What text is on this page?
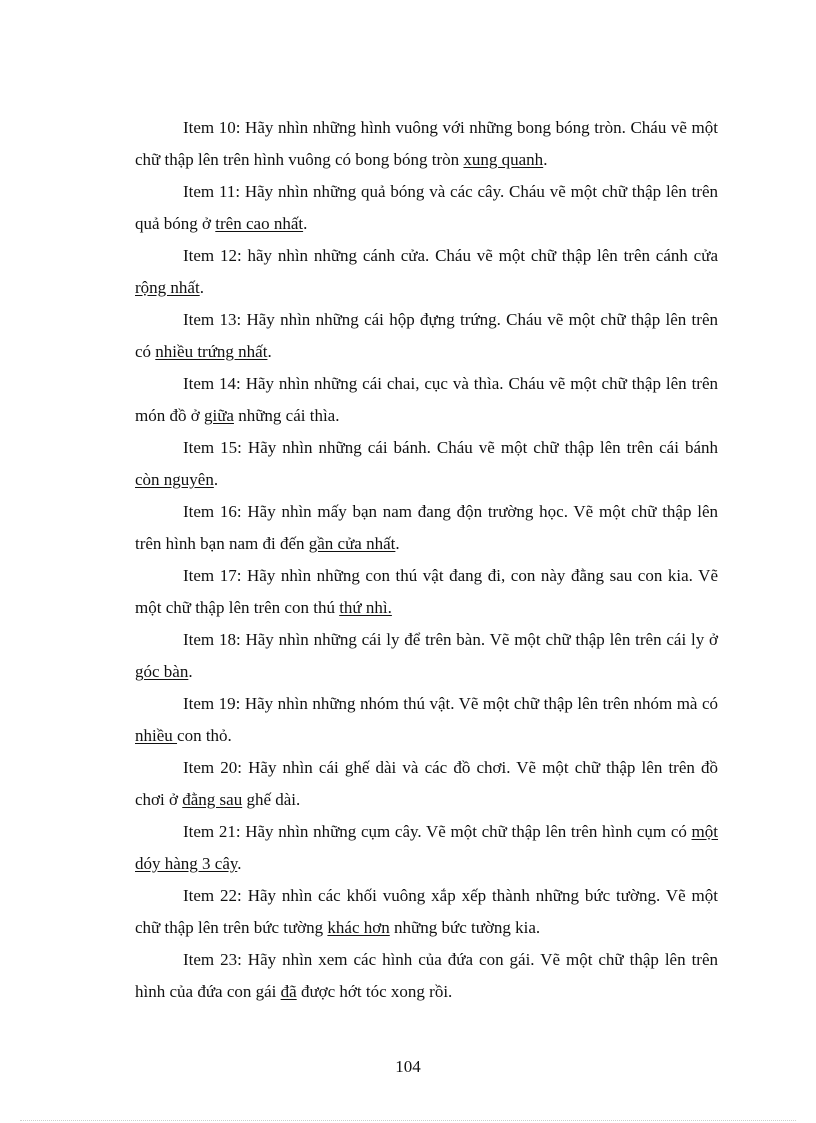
Item 10: Hãy nhìn những hình vuông với những bong bóng tròn. Cháu vẽ một chữ thập lên trên hình vuông có bong bóng tròn xung quanh.

Item 11: Hãy nhìn những quả bóng và các cây. Cháu vẽ một chữ thập lên trên quả bóng ở trên cao nhất.

Item 12: hãy nhìn những cánh cửa. Cháu vẽ một chữ thập lên trên cánh cửa rộng nhất.

Item 13: Hãy nhìn những cái hộp đựng trứng. Cháu vẽ một chữ thập lên trên có nhiều trứng nhất.

Item 14: Hãy nhìn những cái chai, cục và thìa. Cháu vẽ một chữ thập lên trên món đồ ở giữa những cái thìa.

Item 15: Hãy nhìn những cái bánh. Cháu vẽ một chữ thập lên trên cái bánh còn nguyên.

Item 16: Hãy nhìn mấy bạn nam đang độn trường học. Vẽ một chữ thập lên trên hình bạn nam đi đến gần cửa nhất.

Item 17: Hãy nhìn những con thú vật đang đi, con này đằng sau con kia. Vẽ một chữ thập lên trên con thú thứ nhì.

Item 18: Hãy nhìn những cái ly để trên bàn. Vẽ một chữ thập lên trên cái ly ở góc bàn.

Item 19: Hãy nhìn những nhóm thú vật. Vẽ một chữ thập lên trên nhóm mà có nhiều con thỏ.

Item 20: Hãy nhìn cái ghế dài và các đồ chơi. Vẽ một chữ thập lên trên đồ chơi ở đằng sau ghế dài.

Item 21: Hãy nhìn những cụm cây. Vẽ một chữ thập lên trên hình cụm có một dóy hàng 3 cây.

Item 22: Hãy nhìn các khối vuông xắp xếp thành những bức tường. Vẽ một chữ thập lên trên bức tường khác hơn những bức tường kia.

Item 23: Hãy nhìn xem các hình của đứa con gái. Vẽ một chữ thập lên trên hình của đứa con gái đã được hớt tóc xong rồi.

104
